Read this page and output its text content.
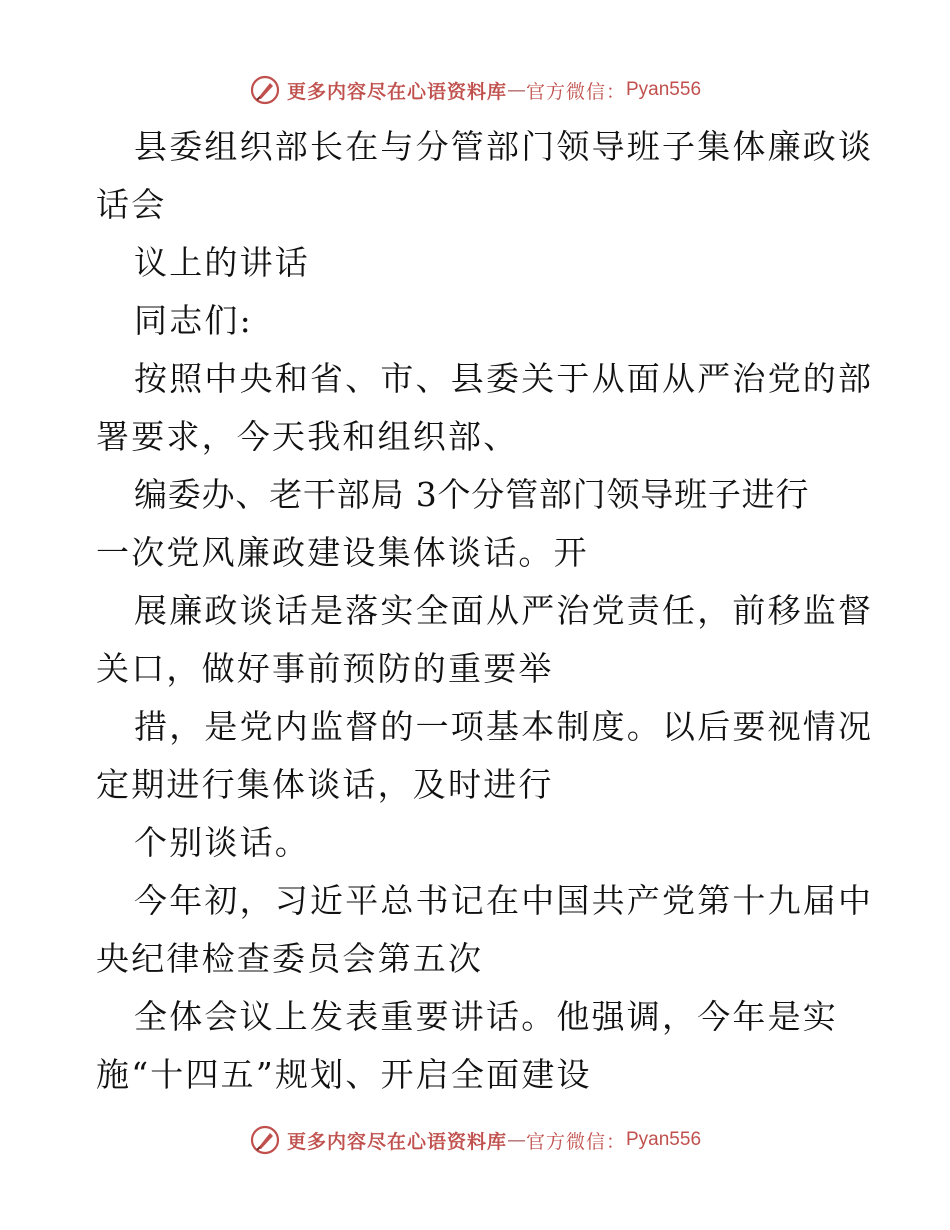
更多内容尽在心语资料库 — 官方微信： Pyan556
县委组织部长在与分管部门领导班子集体廉政谈
话会
议上的讲话
同志们:
按照中央和省、市、县委关于从面从严治党的部
署要求，今天我和组织部、
编委办、老干部局 3个分管部门领导班子进行
一次党风廉政建设集体谈话。开
展廉政谈话是落实全面从严治党责任，前移监督
关口，做好事前预防的重要举
措，是党内监督的一项基本制度。以后要视情况
定期进行集体谈话，及时进行
个别谈话。
今年初，习近平总书记在中国共产党第十九届中
央纪律检查委员会第五次
全体会议上发表重要讲话。他强调，今年是实
施“十四五”规划、开启全面建设
更多内容尽在心语资料库 — 官方微信： Pyan556
